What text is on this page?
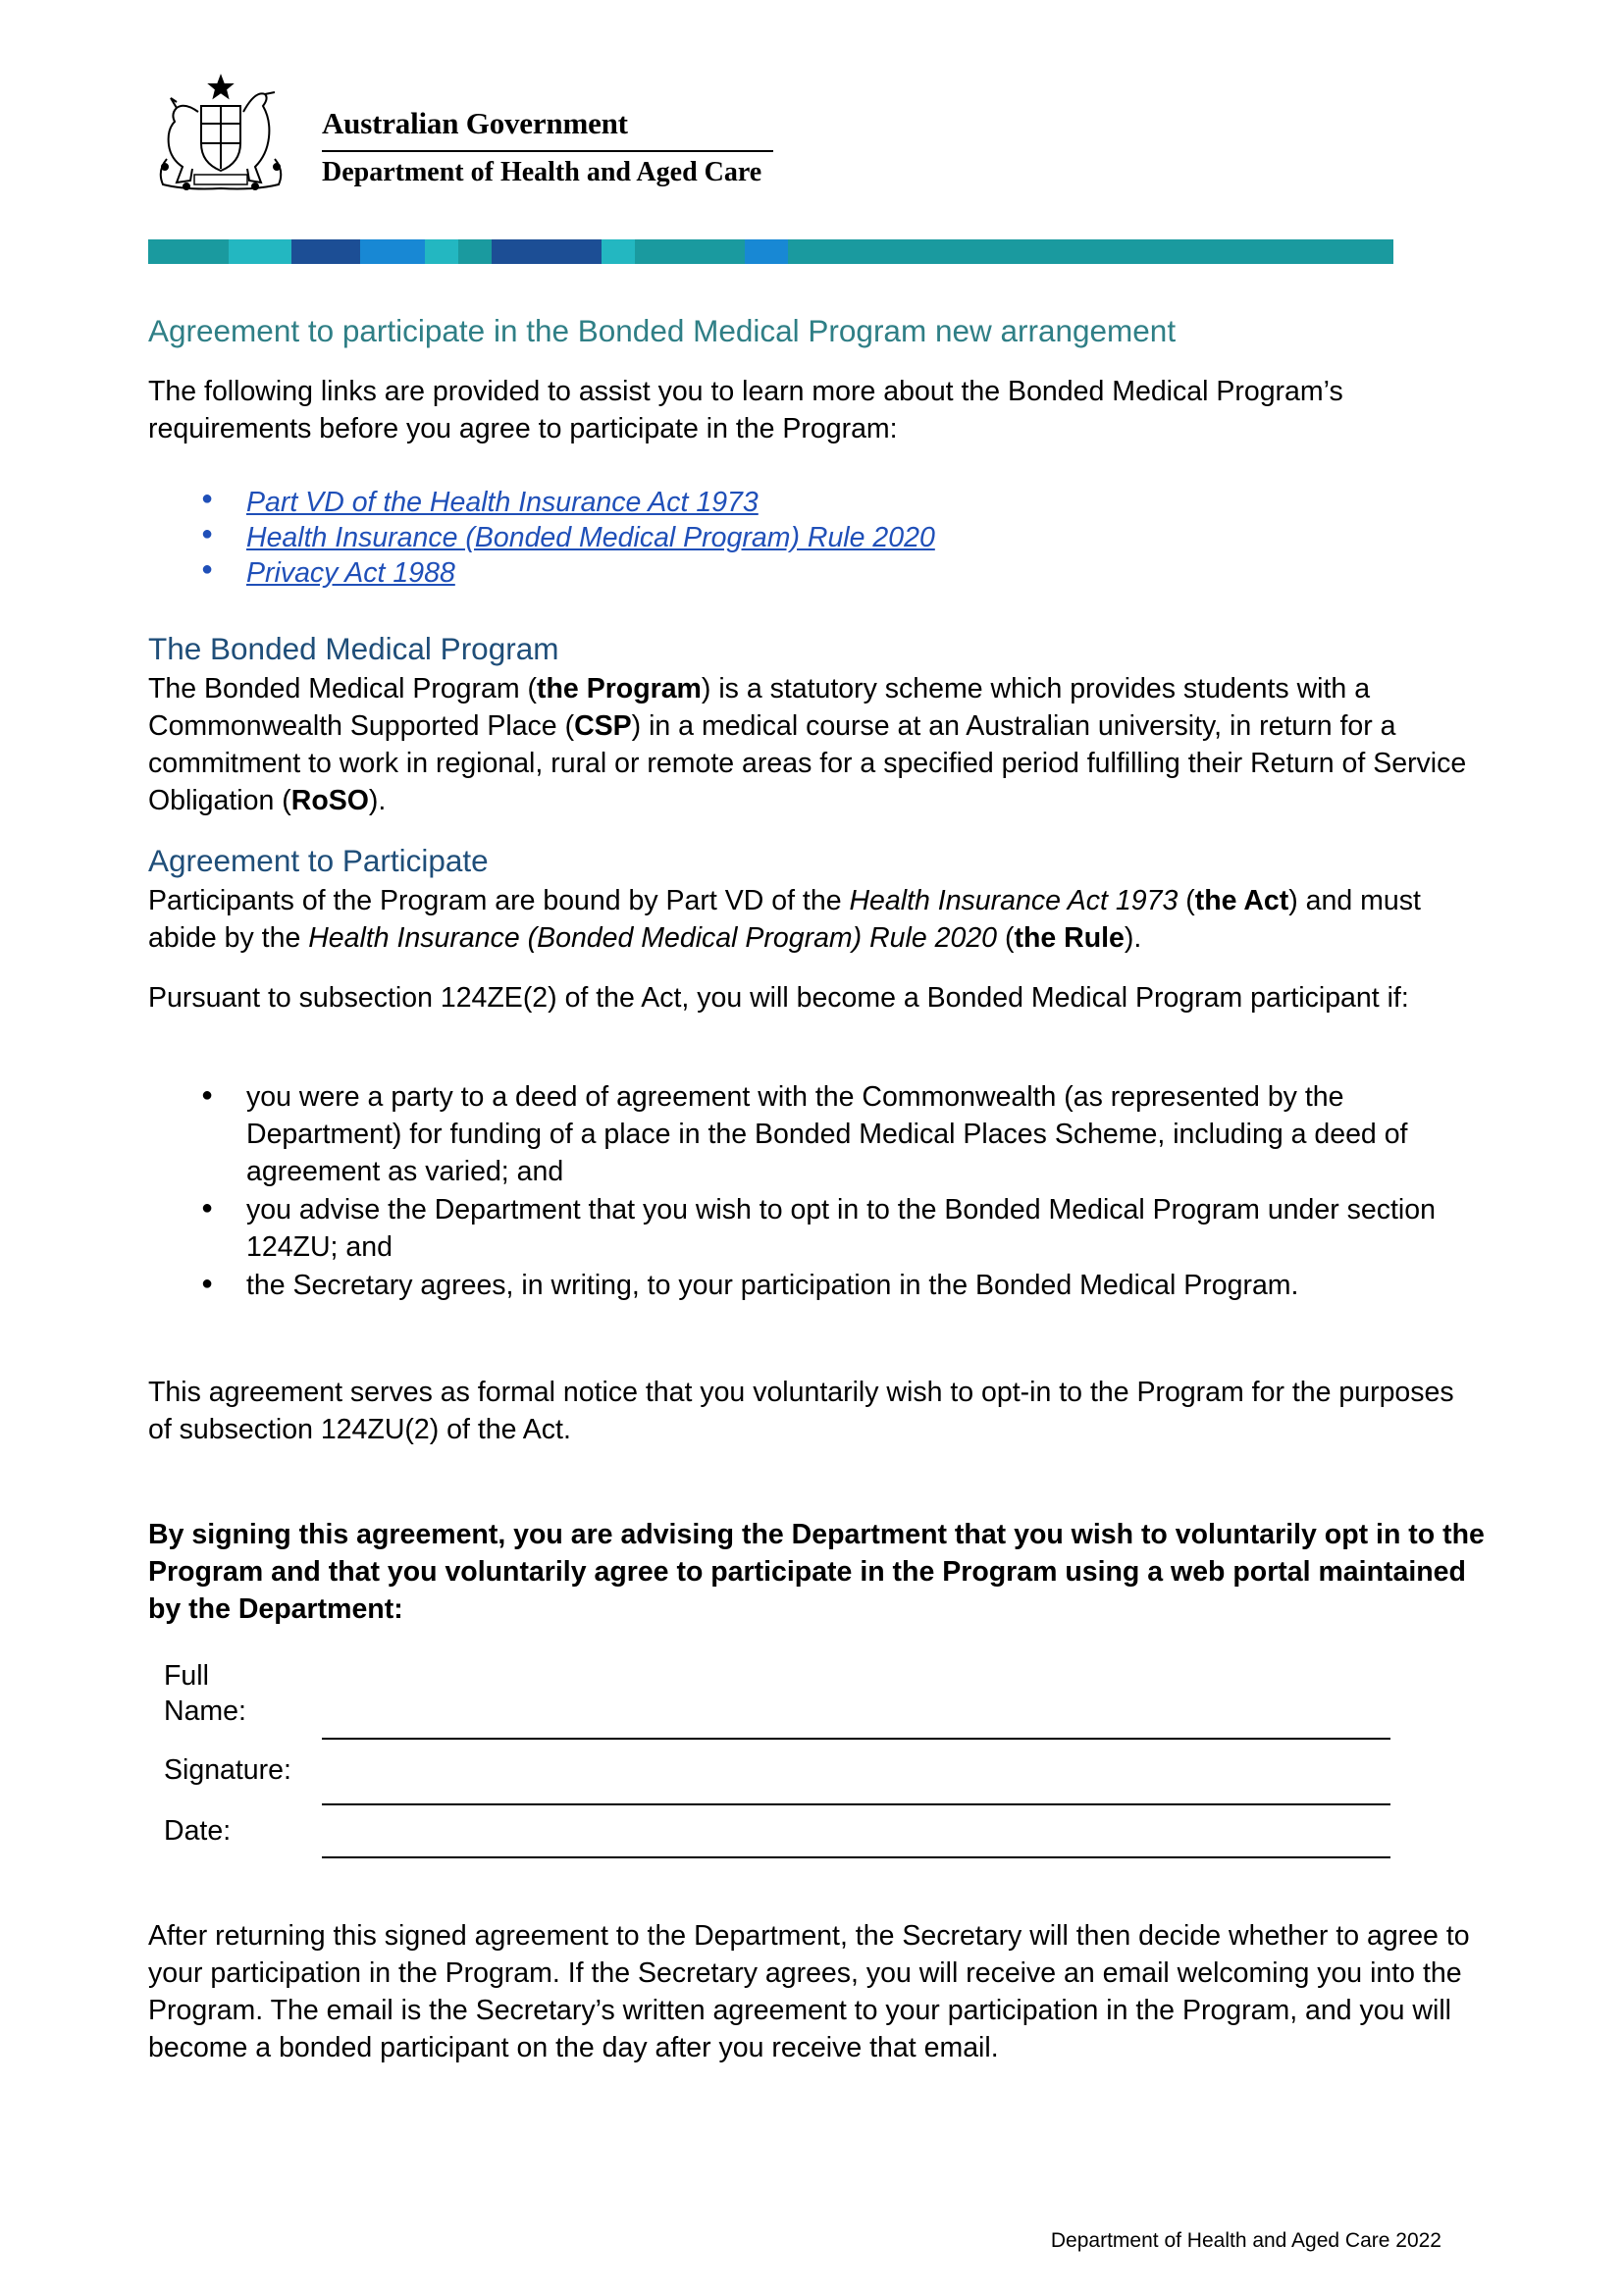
Australian Government
Department of Health and Aged Care
Agreement to participate in the Bonded Medical Program new arrangement

The following links are provided to assist you to learn more about the Bonded Medical Program’s requirements before you agree to participate in the Program:

● Part VD of the Health Insurance Act 1973
● Health Insurance (Bonded Medical Program) Rule 2020
● Privacy Act 1988
The Bonded Medical Program

The Bonded Medical Program (the Program) is a statutory scheme which provides students with a Commonwealth Supported Place (CSP) in a medical course at an Australian university, in return for a commitment to work in regional, rural or remote areas for a specified period fulfilling their Return of Service Obligation (RoSO).

Agreement to Participate

Participants of the Program are bound by Part VD of the Health Insurance Act 1973 (the Act) and must abide by the Health Insurance (Bonded Medical Program) Rule 2020 (the Rule).

Pursuant to subsection 124ZE(2) of the Act, you will become a Bonded Medical Program participant if:

● you were a party to a deed of agreement with the Commonwealth (as represented by the Department) for funding of a place in the Bonded Medical Places Scheme, including a deed of agreement as varied; and

● you advise the Department that you wish to opt in to the Bonded Medical Program under section 124ZU; and

● the Secretary agrees, in writing, to your participation in the Bonded Medical Program.

This agreement serves as formal notice that you voluntarily wish to opt-in to the Program for the purposes of subsection 124ZU(2) of the Act.

By signing this agreement, you are advising the Department that you wish to voluntarily opt in to the Program and that you voluntarily agree to participate in the Program using a web portal maintained by the Department:

Full Name:
Signature:
Date:

After returning this signed agreement to the Department, the Secretary will then decide whether to agree to your participation in the Program. If the Secretary agrees, you will receive an email welcoming you into the Program. The email is the Secretary’s written agreement to your participation in the Program, and you will become a bonded participant on the day after you receive that email.

Department of Health and Aged Care 2022
